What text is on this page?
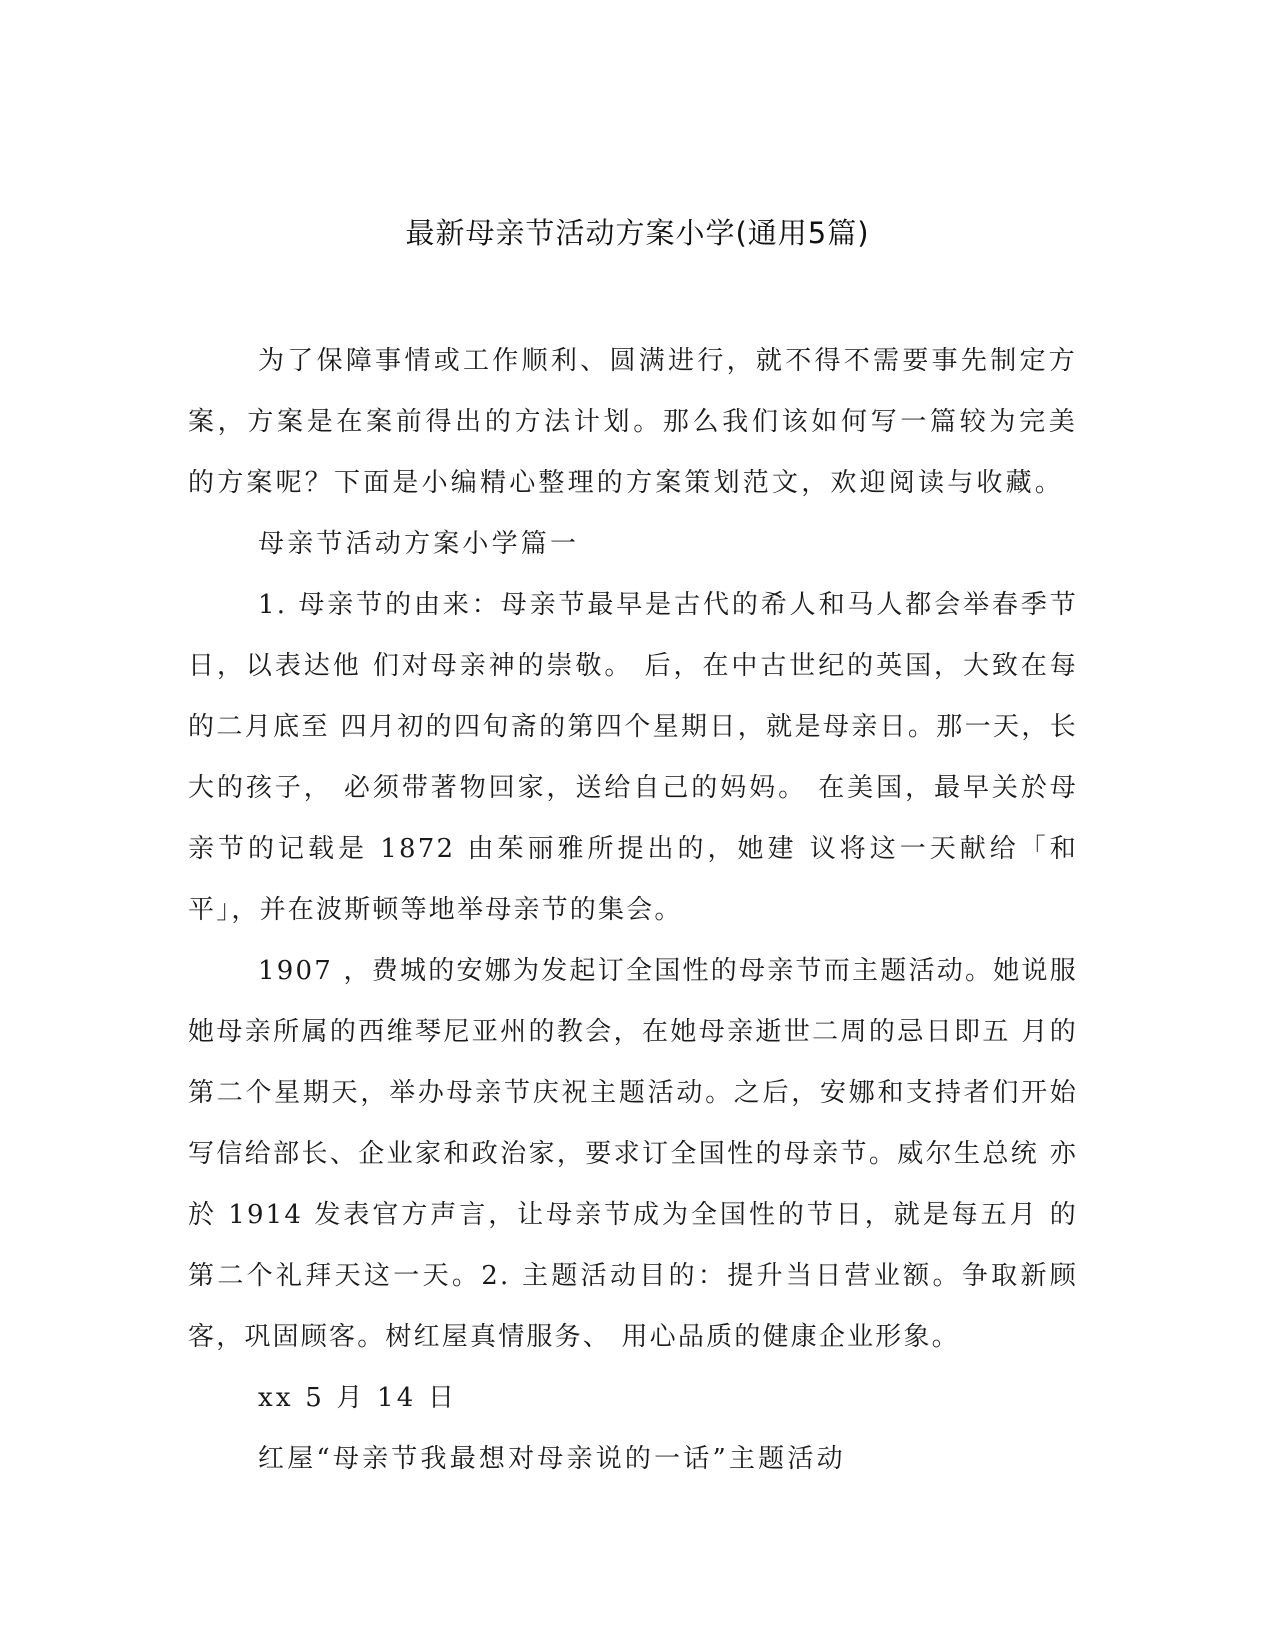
最新母亲节活动方案小学(通用5篇)

为了保障事情或工作顺利、圆满进行，就不得不需要事先制定方案，方案是在案前得出的方法计划。那么我们该如何写一篇较为完美的方案呢？下面是小编精心整理的方案策划范文，欢迎阅读与收藏。

母亲节活动方案小学篇一

1. 母亲节的由来：母亲节最早是古代的希人和马人都会举春季节日，以表达他 们对母亲神的崇敬。 后，在中古世纪的英国，大致在每的二月底至 四月初的四旬斋的第四个星期日，就是母亲日。那一天，长大的孩子， 必须带著物回家，送给自己的妈妈。 在美国，最早关於母亲节的记载是 1872 由茱丽雅所提出的，她建 议将这一天献给「和平」，并在波斯顿等地举母亲节的集会。

1907 ，费城的安娜为发起订全国性的母亲节而主题活动。她说服她母亲所属的西维琴尼亚州的教会，在她母亲逝世二周的忌日即五 月的第二个星期天，举办母亲节庆祝主题活动。之后，安娜和支持者们开始 写信给部长、企业家和政治家，要求订全国性的母亲节。威尔生总统 亦於 1914 发表官方声言，让母亲节成为全国性的节日，就是每五月 的第二个礼拜天这一天。2. 主题活动目的：提升当日营业额。争取新顾客，巩固顾客。树红屋真情服务、 用心品质的健康企业形象。

xx 5 月 14 日

红屋“母亲节我最想对母亲说的一话”主题活动
